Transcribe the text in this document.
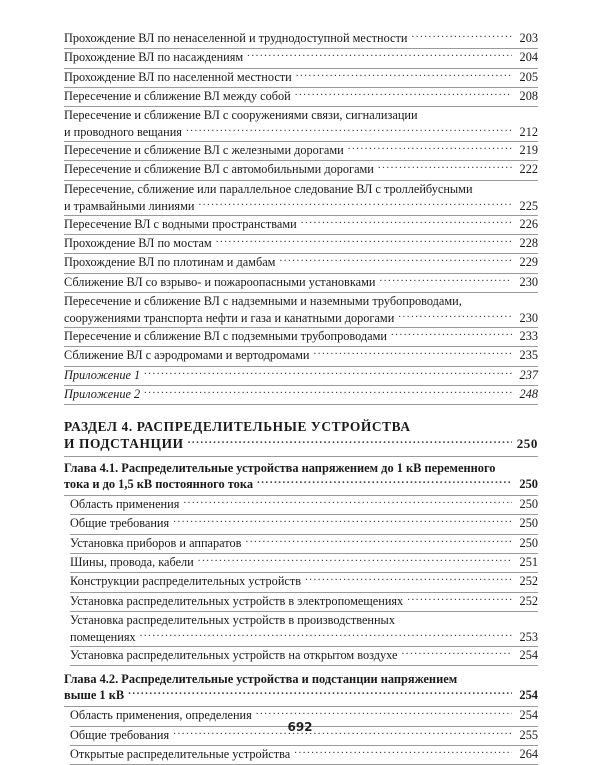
Прохождение ВЛ по ненаселенной и труднодоступной местности .....	203
Прохождение ВЛ по насаждениям .....	204
Прохождение ВЛ по населенной местности .....	205
Пересечение и сближение ВЛ между собой .....	208
Пересечение и сближение ВЛ с сооружениями связи, сигнализации
и проводного вещания .....	212
Пересечение и сближение ВЛ с железными дорогами .....	219
Пересечение и сближение ВЛ с автомобильными дорогами .....	222
Пересечение, сближение или параллельное следование ВЛ с троллейбусными
и трамвайными линиями .....	225
Пересечение ВЛ с водными пространствами .....	226
Прохождение ВЛ по мостам .....	228
Прохождение ВЛ по плотинам и дамбам .....	229
Сближение ВЛ со взрыво- и пожароопасными установками .....	230
Пересечение и сближение ВЛ с надземными и наземными трубопроводами,
сооружениями транспорта нефти и газа и канатными дорогами .....	230
Пересечение и сближение ВЛ с подземными трубопроводами .....	233
Сближение ВЛ с аэродромами и вертодромами .....	235
Приложение 1 .....	237
Приложение 2 .....	248
РАЗДЕЛ 4. РАСПРЕДЕЛИТЕЛЬНЫЕ УСТРОЙСТВА
И ПОДСТАНЦИИ .....	250
Глава 4.1. Распределительные устройства напряжением до 1 кВ переменного
тока и до 1,5 кВ постоянного тока .....	250
Область применения .....	250
Общие требования .....	250
Установка приборов и аппаратов .....	250
Шины, провода, кабели .....	251
Конструкции распределительных устройств .....	252
Установка распределительных устройств в электропомещениях .....	252
Установка распределительных устройств в производственных
помещениях .....	253
Установка распределительных устройств на открытом воздухе .....	254
Глава 4.2. Распределительные устройства и подстанции напряжением
выше 1 кВ .....	254
Область применения, определения .....	254
Общие требования .....	255
Открытые распределительные устройства .....	264
692
